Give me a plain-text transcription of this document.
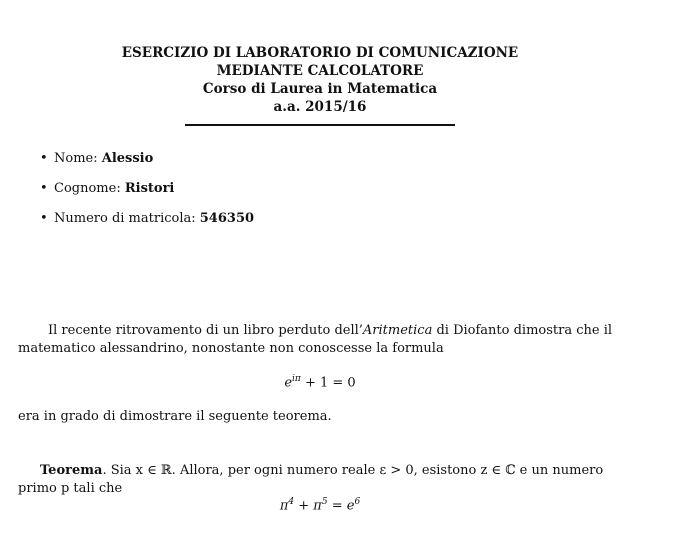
ESERCIZIO DI LABORATORIO DI COMUNICAZIONE
MEDIANTE CALCOLATORE
Corso di Laurea in Matematica
a.a. 2015/16
• Nome: Alessio
• Cognome: Ristori
• Numero di matricola: 546350
Il recente ritrovamento di un libro perduto dell’Aritmetica di Diofanto dimostra che il matematico alessandrino, nonostante non conoscesse la formula
$e^{i\pi} + 1 = 0$
era in grado di dimostrare il seguente teorema.
Teorema. Sia x ∈ ℝ. Allora, per ogni numero reale ε > 0, esistono z ∈ ℂ e un numero primo p tali che
$\pi^4 + \pi^5 = e^6$
